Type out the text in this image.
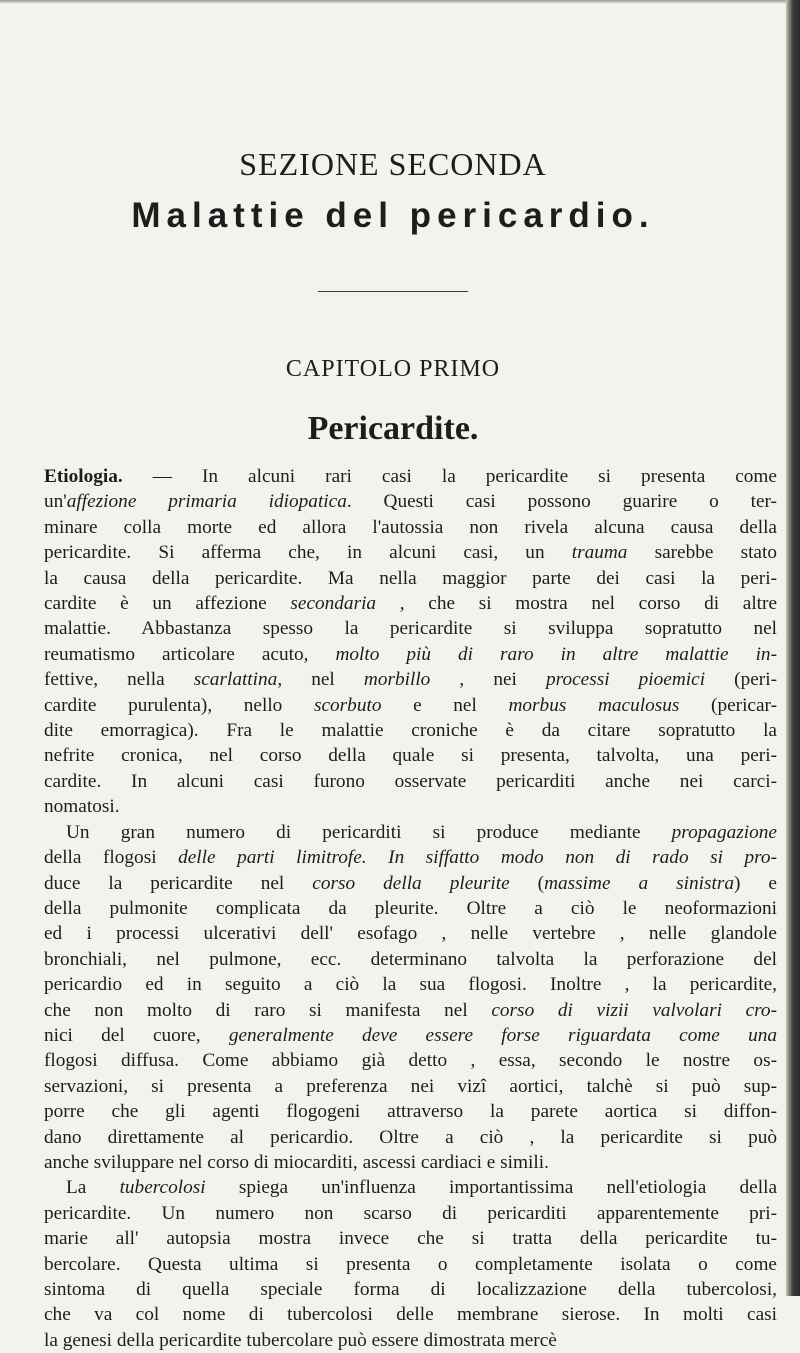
SEZIONE SECONDA
Malattie del pericardio.
CAPITOLO PRIMO
Pericardite.
Etiologia. — In alcuni rari casi la pericardite si presenta come
un'affezione primaria idiopatica. Questi casi possono guarire o ter-
minare colla morte ed allora l'autossia non rivela alcuna causa della
pericardite. Si afferma che, in alcuni casi, un trauma sarebbe stato
la causa della pericardite. Ma nella maggior parte dei casi la peri-
cardite è un affezione secondaria , che si mostra nel corso di altre
malattie. Abbastanza spesso la pericardite si sviluppa sopratutto nel
reumatismo articolare acuto, molto più di raro in altre malattie in-
fettive, nella scarlattina, nel morbillo , nei processi pioemici (peri-
cardite purulenta), nello scorbuto e nel morbus maculosus (pericar-
dite emorragica). Fra le malattie croniche è da citare sopratutto la
nefrite cronica, nel corso della quale si presenta, talvolta, una peri-
cardite. In alcuni casi furono osservate pericarditi anche nei carci-
nomatosi.
Un gran numero di pericarditi si produce mediante propagazione
della flogosi delle parti limitrofe. In siffatto modo non di rado si pro-
duce la pericardite nel corso della pleurite (massime a sinistra) e
della pulmonite complicata da pleurite. Oltre a ciò le neoformazioni
ed i processi ulcerativi dell' esofago , nelle vertebre , nelle glandole
bronchiali, nel pulmone, ecc. determinano talvolta la perforazione del
pericardio ed in seguito a ciò la sua flogosi. Inoltre , la pericardite,
che non molto di raro si manifesta nel corso di vizii valvolari cro-
nici del cuore, generalmente deve essere forse riguardata come una
flogosi diffusa. Come abbiamo già detto , essa, secondo le nostre os-
servazioni, si presenta a preferenza nei vizî aortici, talchè si può sup-
porre che gli agenti flogogeni attraverso la parete aortica si diffon-
dano direttamente al pericardio. Oltre a ciò , la pericardite si può
anche sviluppare nel corso di miocarditi, ascessi cardiaci e simili.
La tubercolosi spiega un'influenza importantissima nell'etiologia della
pericardite. Un numero non scarso di pericarditi apparentemente pri-
marie all' autopsia mostra invece che si tratta della pericardite tu-
bercolare. Questa ultima si presenta o completamente isolata o come
sintoma di quella speciale forma di localizzazione della tubercolosi,
che va col nome di tubercolosi delle membrane sierose. In molti casi
la genesi della pericardite tubercolare può essere dimostrata mercè
